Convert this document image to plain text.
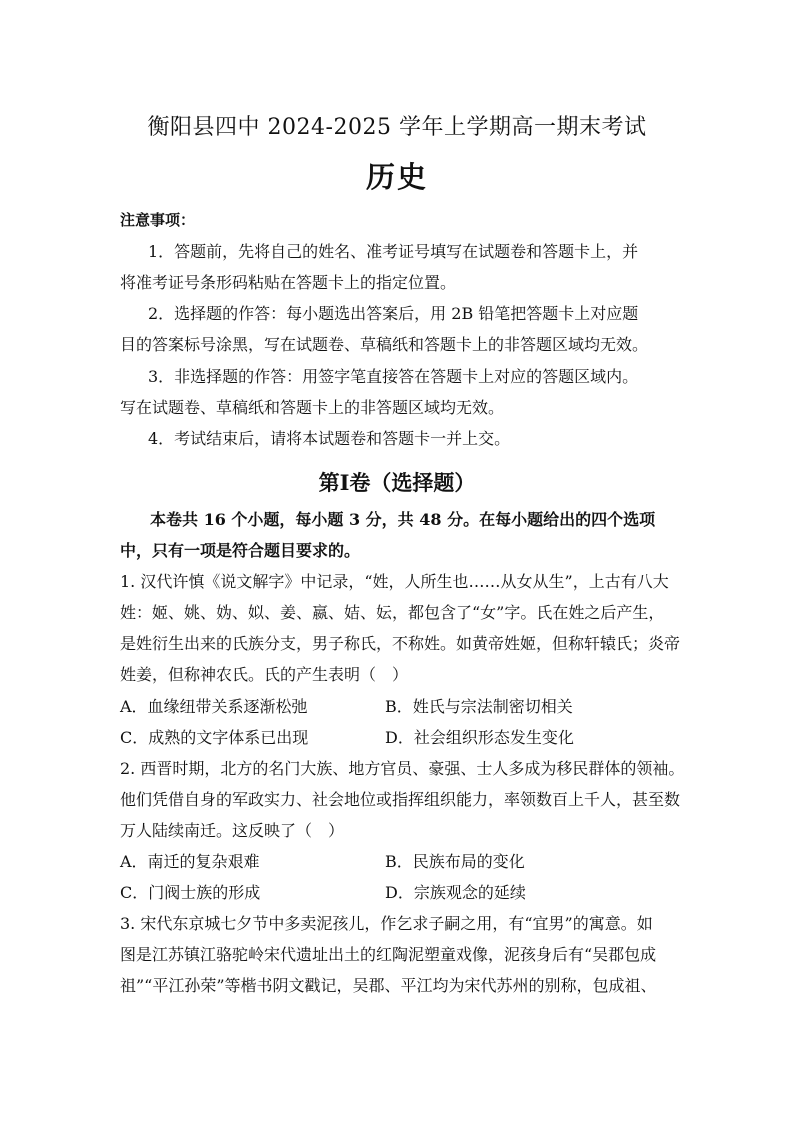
衡阳县四中 2024-2025 学年上学期高一期末考试
历史
注意事项：
1．答题前，先将自己的姓名、准考证号填写在试题卷和答题卡上，并
将准考证号条形码粘贴在答题卡上的指定位置。
2．选择题的作答：每小题选出答案后，用 2B 铅笔把答题卡上对应题
目的答案标号涂黑，写在试题卷、草稿纸和答题卡上的非答题区域均无效。
3．非选择题的作答：用签字笔直接答在答题卡上对应的答题区域内。
写在试题卷、草稿纸和答题卡上的非答题区域均无效。
4．考试结束后，请将本试题卷和答题卡一并上交。
第Ⅰ卷（选择题）
本卷共 16 个小题，每小题 3 分，共 48 分。在每小题给出的四个选项
中，只有一项是符合题目要求的。
1. 汉代许慎《说文解字》中记录，“姓，人所生也……从女从生”，上古有八大
姓：姬、姚、妫、姒、姜、嬴、姞、妘，都包含了“女”字。氏在姓之后产生，
是姓衍生出来的氏族分支，男子称氏，不称姓。如黄帝姓姬，但称轩辕氏；炎帝
姓姜，但称神农氏。氏的产生表明（　）
A．血缘纽带关系逐渐松弛	B．姓氏与宗法制密切相关
C．成熟的文字体系已出现	D．社会组织形态发生变化
2. 西晋时期，北方的名门大族、地方官员、豪强、士人多成为移民群体的领袖。
他们凭借自身的军政实力、社会地位或指挥组织能力，率领数百上千人，甚至数
万人陆续南迁。这反映了（　）
A．南迁的复杂艰难	B．民族布局的变化
C．门阀士族的形成	D．宗族观念的延续
3. 宋代东京城七夕节中多卖泥孩儿，作乞求子嗣之用，有“宜男”的寓意。如
图是江苏镇江骆驼岭宋代遗址出土的红陶泥塑童戏像，泥孩身后有“吴郡包成
祖”“平江孙荣”等楷书阴文戳记，吴郡、平江均为宋代苏州的别称，包成祖、
